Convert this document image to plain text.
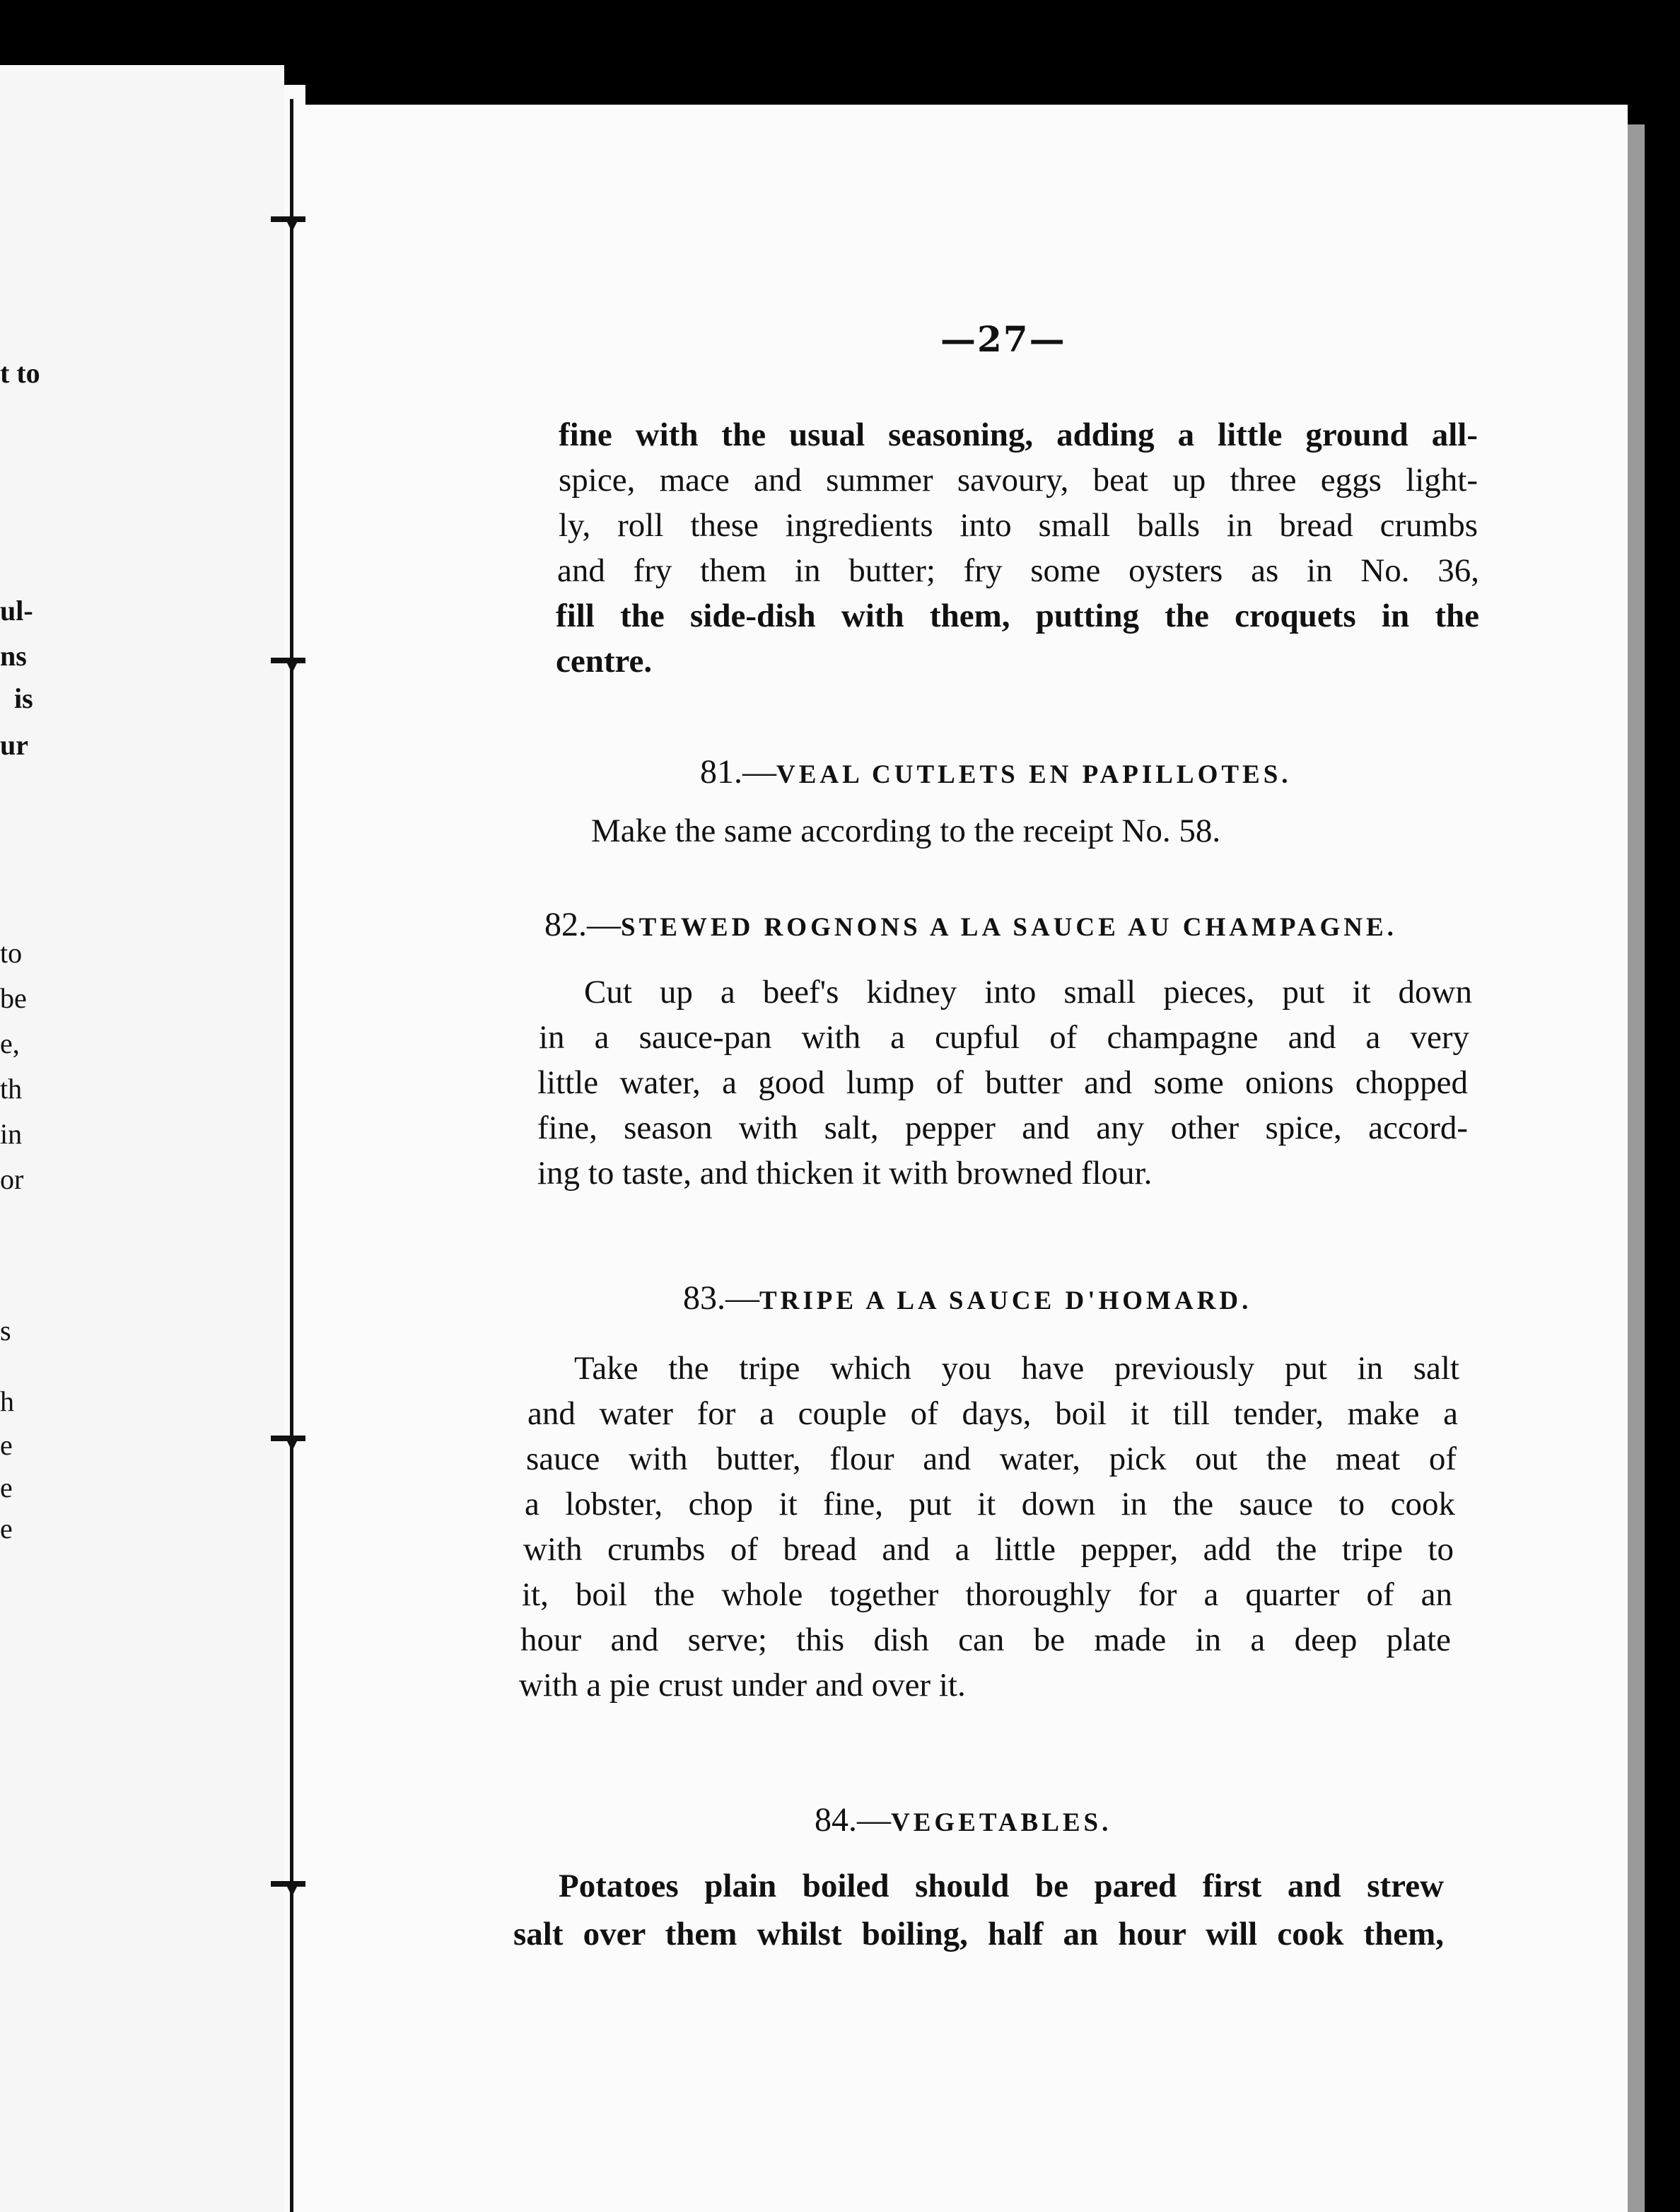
t to
ul-
ns
is
ur
to
be
e,
th
in
or
s
h
e
e
e
—27—
fine with the usual seasoning, adding a little ground all-
spice, mace and summer savoury, beat up three eggs light-
ly, roll these ingredients into small balls in bread crumbs
and fry them in butter; fry some oysters as in No. 36,
fill the side-dish with them, putting the croquets in the
centre.
81.—VEAL CUTLETS EN PAPILLOTES.
Make the same according to the receipt No. 58.
82.—STEWED ROGNONS A LA SAUCE AU CHAMPAGNE.
Cut up a beef's kidney into small pieces, put it down
in a sauce-pan with a cupful of champagne and a very
little water, a good lump of butter and some onions chopped
fine, season with salt, pepper and any other spice, accord-
ing to taste, and thicken it with browned flour.
83.—TRIPE A LA SAUCE D'HOMARD.
Take the tripe which you have previously put in salt
and water for a couple of days, boil it till tender, make a
sauce with butter, flour and water, pick out the meat of
a lobster, chop it fine, put it down in the sauce to cook
with crumbs of bread and a little pepper, add the tripe to
it, boil the whole together thoroughly for a quarter of an
hour and serve; this dish can be made in a deep plate
with a pie crust under and over it.
84.—VEGETABLES.
Potatoes plain boiled should be pared first and strew
salt over them whilst boiling, half an hour will cook them,
